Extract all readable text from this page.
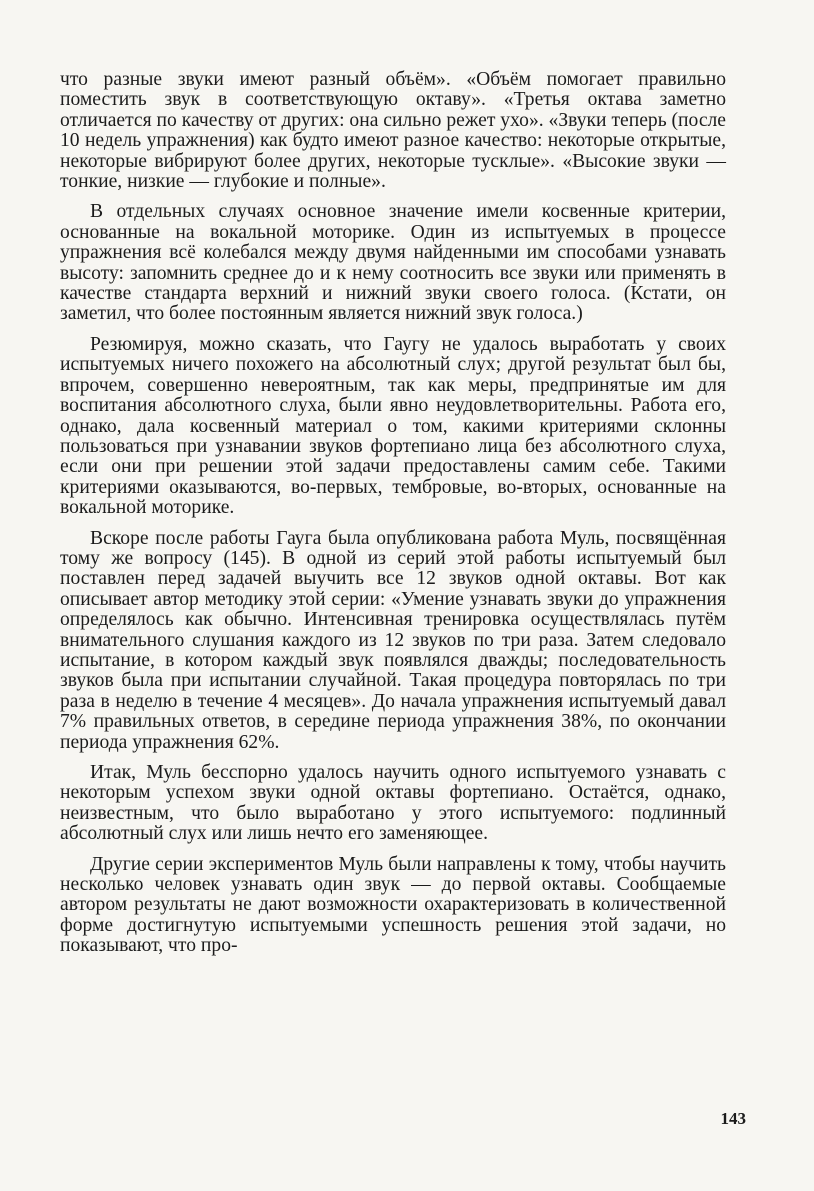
что разные звуки имеют разный объём». «Объём помогает правильно поместить звук в соответствующую октаву». «Третья октава заметно отличается по качеству от других: она сильно режет ухо». «Звуки теперь (после 10 недель упражнения) как будто имеют разное качество: некоторые открытые, некоторые вибрируют более других, некоторые тусклые». «Высокие звуки — тонкие, низкие — глубокие и полные».

В отдельных случаях основное значение имели косвенные критерии, основанные на вокальной моторике. Один из испытуемых в процессе упражнения всё колебался между двумя найденными им способами узнавать высоту: запомнить среднее до и к нему соотносить все звуки или применять в качестве стандарта верхний и нижний звуки своего голоса. (Кстати, он заметил, что более постоянным является нижний звук голоса.)

Резюмируя, можно сказать, что Гаугу не удалось выработать у своих испытуемых ничего похожего на абсолютный слух; другой результат был бы, впрочем, совершенно невероятным, так как меры, предпринятые им для воспитания абсолютного слуха, были явно неудовлетворительны. Работа его, однако, дала косвенный материал о том, какими критериями склонны пользоваться при узнавании звуков фортепиано лица без абсолютного слуха, если они при решении этой задачи предоставлены самим себе. Такими критериями оказываются, во-первых, тембровые, во-вторых, основанные на вокальной моторике.

Вскоре после работы Гауга была опубликована работа Муль, посвящённая тому же вопросу (145). В одной из серий этой работы испытуемый был поставлен перед задачей выучить все 12 звуков одной октавы. Вот как описывает автор методику этой серии: «Умение узнавать звуки до упражнения определялось как обычно. Интенсивная тренировка осуществлялась путём внимательного слушания каждого из 12 звуков по три раза. Затем следовало испытание, в котором каждый звук появлялся дважды; последовательность звуков была при испытании случайной. Такая процедура повторялась по три раза в неделю в течение 4 месяцев». До начала упражнения испытуемый давал 7% правильных ответов, в середине периода упражнения 38%, по окончании периода упражнения 62%.

Итак, Муль бесспорно удалось научить одного испытуемого узнавать с некоторым успехом звуки одной октавы фортепиано. Остаётся, однако, неизвестным, что было выработано у этого испытуемого: подлинный абсолютный слух или лишь нечто его заменяющее.

Другие серии экспериментов Муль были направлены к тому, чтобы научить несколько человек узнавать один звук — до первой октавы. Сообщаемые автором результаты не дают возможности охарактеризовать в количественной форме достигнутую испытуемыми успешность решения этой задачи, но показывают, что про-

143
